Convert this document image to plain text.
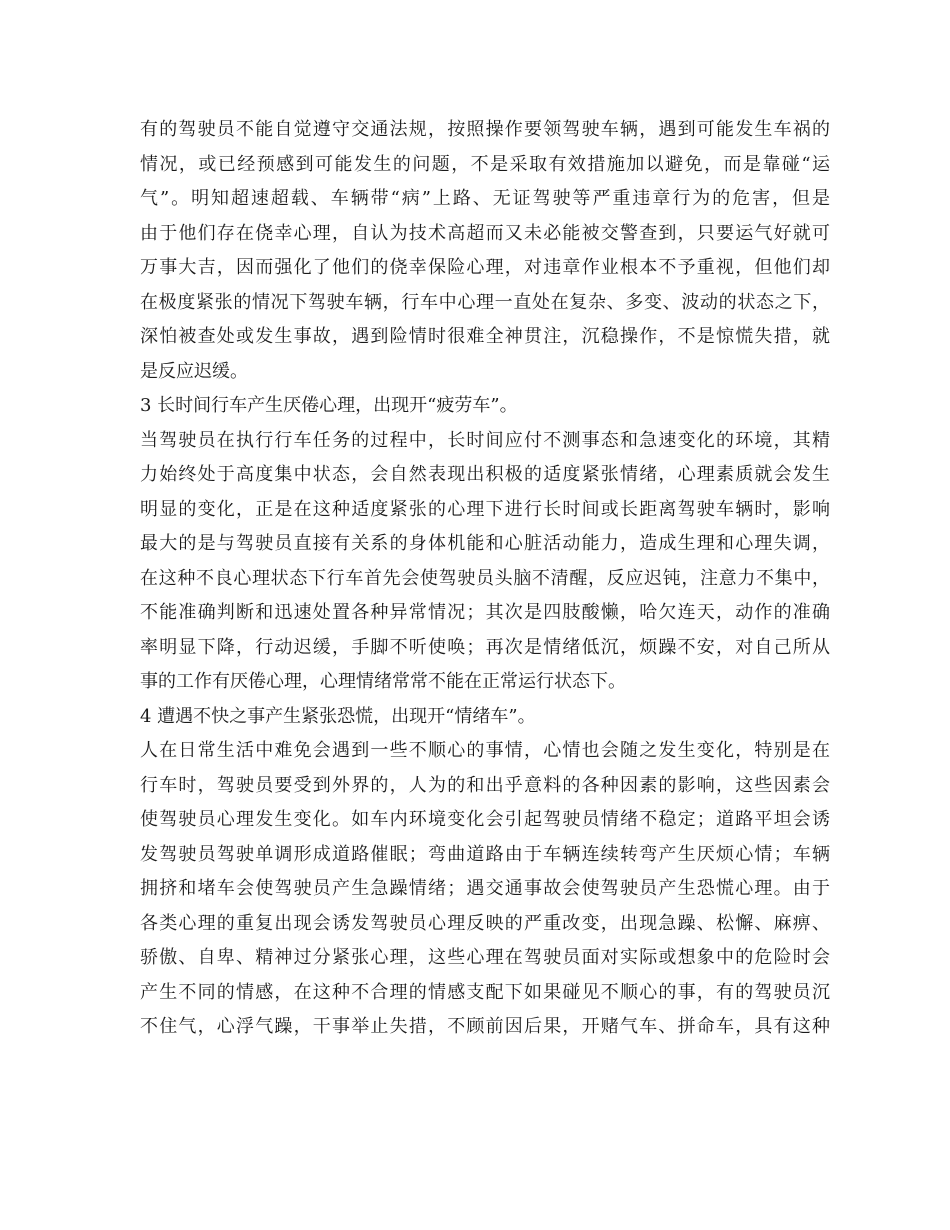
有的驾驶员不能自觉遵守交通法规，按照操作要领驾驶车辆，遇到可能发生车祸的
情况，或已经预感到可能发生的问题，不是采取有效措施加以避免，而是靠碰“运
气”。明知超速超载、车辆带“病”上路、无证驾驶等严重违章行为的危害，但是
由于他们存在侥幸心理，自认为技术高超而又未必能被交警查到，只要运气好就可
万事大吉，因而强化了他们的侥幸保险心理，对违章作业根本不予重视，但他们却
在极度紧张的情况下驾驶车辆，行车中心理一直处在复杂、多变、波动的状态之下，
深怕被查处或发生事故，遇到险情时很难全神贯注，沉稳操作，不是惊慌失措，就
是反应迟缓。
3 长时间行车产生厌倦心理，出现开“疲劳车”。
当驾驶员在执行行车任务的过程中，长时间应付不测事态和急速变化的环境，其精
力始终处于高度集中状态，会自然表现出积极的适度紧张情绪，心理素质就会发生
明显的变化，正是在这种适度紧张的心理下进行长时间或长距离驾驶车辆时，影响
最大的是与驾驶员直接有关系的身体机能和心脏活动能力，造成生理和心理失调，
在这种不良心理状态下行车首先会使驾驶员头脑不清醒，反应迟钝，注意力不集中，
不能准确判断和迅速处置各种异常情况；其次是四肢酸懒，哈欠连天，动作的准确
率明显下降，行动迟缓，手脚不听使唤；再次是情绪低沉，烦躁不安，对自己所从
事的工作有厌倦心理，心理情绪常常不能在正常运行状态下。
4 遭遇不快之事产生紧张恐慌，出现开“情绪车”。
人在日常生活中难免会遇到一些不顺心的事情，心情也会随之发生变化，特别是在
行车时，驾驶员要受到外界的，人为的和出乎意料的各种因素的影响，这些因素会
使驾驶员心理发生变化。如车内环境变化会引起驾驶员情绪不稳定；道路平坦会诱
发驾驶员驾驶单调形成道路催眠；弯曲道路由于车辆连续转弯产生厌烦心情；车辆
拥挤和堵车会使驾驶员产生急躁情绪；遇交通事故会使驾驶员产生恐慌心理。由于
各类心理的重复出现会诱发驾驶员心理反映的严重改变，出现急躁、松懈、麻痹、
骄傲、自卑、精神过分紧张心理，这些心理在驾驶员面对实际或想象中的危险时会
产生不同的情感，在这种不合理的情感支配下如果碰见不顺心的事，有的驾驶员沉
不住气，心浮气躁，干事举止失措，不顾前因后果，开赌气车、拼命车，具有这种
